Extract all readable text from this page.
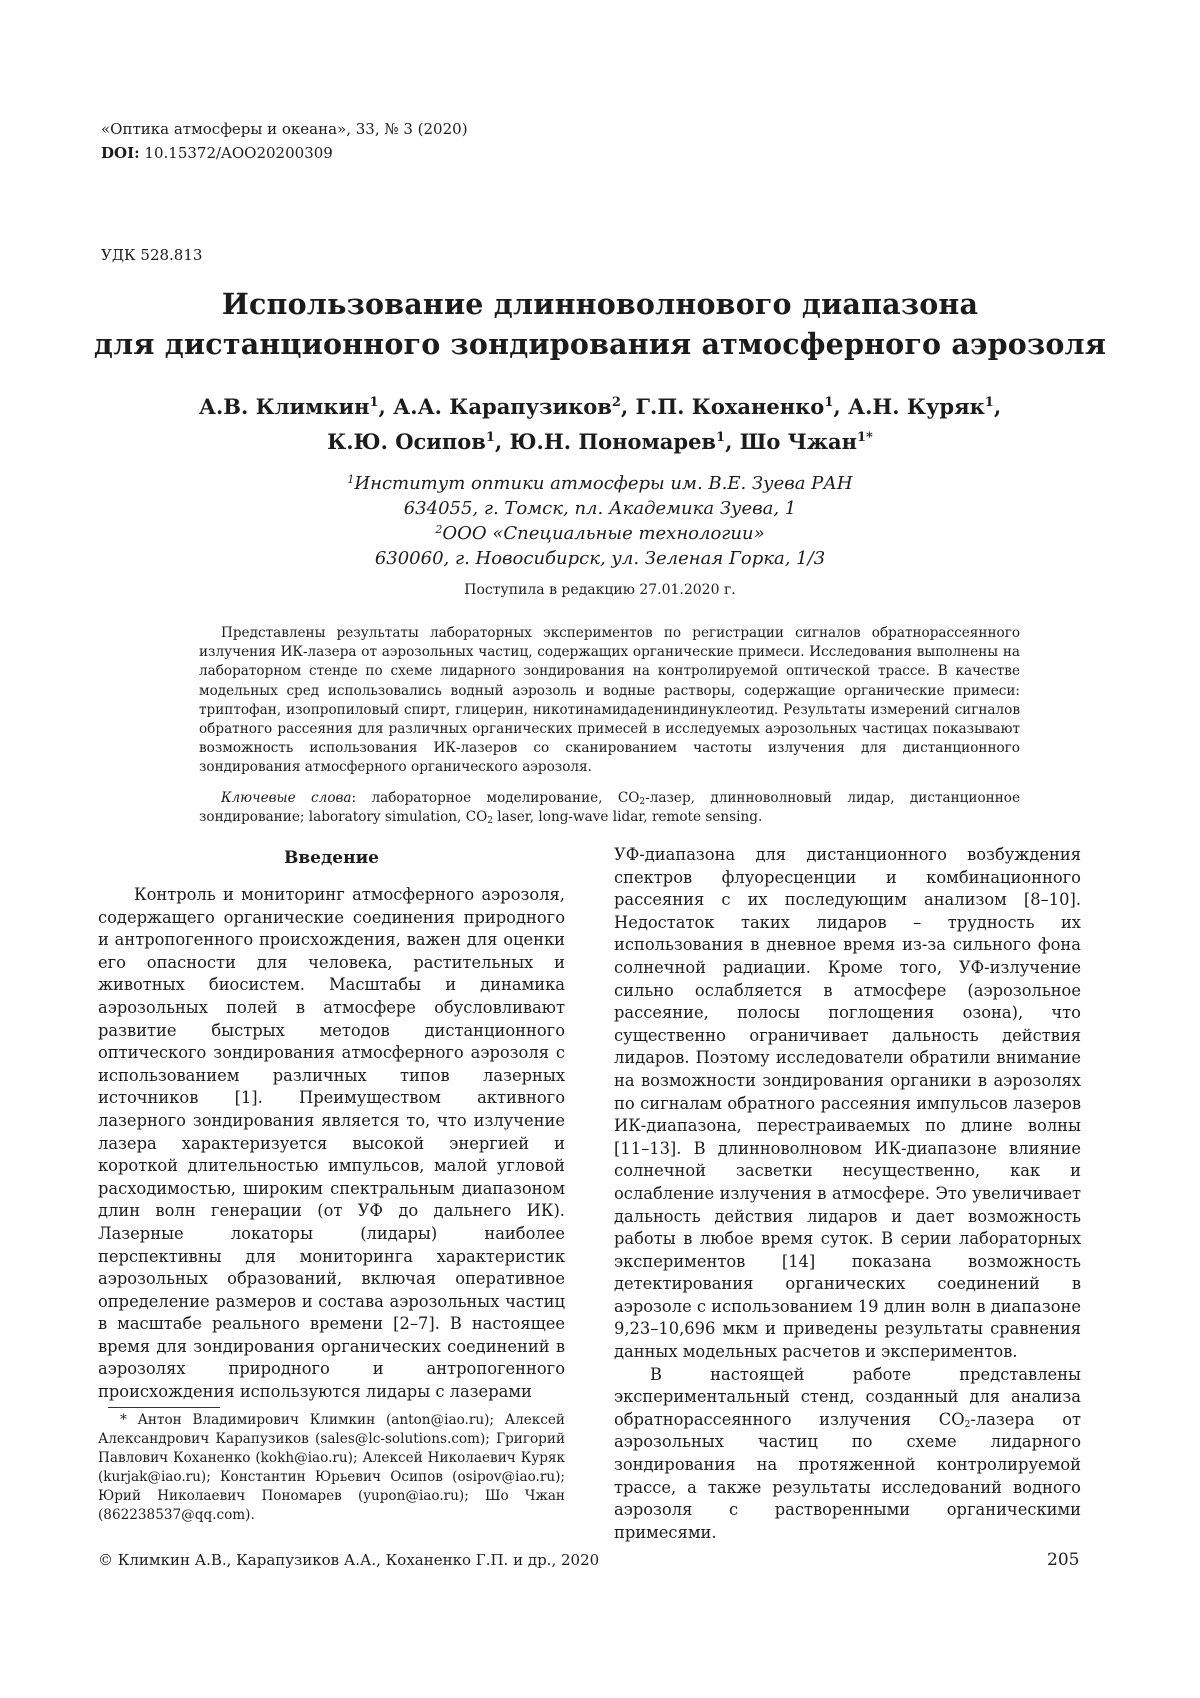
«Оптика атмосферы и океана», 33, № 3 (2020)
DOI: 10.15372/AOO20200309
УДК 528.813
Использование длинноволнового диапазона
для дистанционного зондирования атмосферного аэрозоля
А.В. Климкин$^1$, А.А. Карапузиков$^2$, Г.П. Коханенко$^1$, А.Н. Куряк$^1$,
К.Ю. Осипов$^1$, Ю.Н. Пономарев$^1$, Шо Чжан$^{1*}$
$^1$Институт оптики атмосферы им. В.Е. Зуева РАН
634055, г. Томск, пл. Академика Зуева, 1
$^2$ООО «Специальные технологии»
630060, г. Новосибирск, ул. Зеленая Горка, 1/3
Поступила в редакцию 27.01.2020 г.
Представлены результаты лабораторных экспериментов по регистрации сигналов обратнорассеянного излучения ИК-лазера от аэрозольных частиц, содержащих органические примеси. Исследования выполнены на лабораторном стенде по схеме лидарного зондирования на контролируемой оптической трассе. В качестве модельных сред использовались водный аэрозоль и водные растворы, содержащие органические примеси: триптофан, изопропиловый спирт, глицерин, никотинамидадениндинуклеотид. Результаты измерений сигналов обратного рассеяния для различных органических примесей в исследуемых аэрозольных частицах показывают возможность использования ИК-лазеров со сканированием частоты излучения для дистанционного зондирования атмосферного органического аэрозоля.
Ключевые слова: лабораторное моделирование, $СО_2$-лазер, длинноволновый лидар, дистанционное зондирование; laboratory simulation, $CO_2$ laser, long-wave lidar, remote sensing.
Введение

Контроль и мониторинг атмосферного аэрозоля, содержащего органические соединения природного и антропогенного происхождения, важен для оценки его опасности для человека, растительных и животных биосистем. Масштабы и динамика аэрозольных полей в атмосфере обусловливают развитие быстрых методов дистанционного оптического зондирования атмосферного аэрозоля с использованием различных типов лазерных источников [1]. Преимуществом активного лазерного зондирования является то, что излучение лазера характеризуется высокой энергией и короткой длительностью импульсов, малой угловой расходимостью, широким спектральным диапазоном длин волн генерации (от УФ до дальнего ИК). Лазерные локаторы (лидары) наиболее перспективны для мониторинга характеристик аэрозольных образований, включая оперативное определение размеров и состава аэрозольных частиц в масштабе реального времени [2–7]. В настоящее время для зондирования органических соединений в аэрозолях природного и антропогенного происхождения используются лидары с лазерами

УФ-диапазона для дистанционного возбуждения спектров флуоресценции и комбинационного рассеяния с их последующим анализом [8–10]. Недостаток таких лидаров – трудность их использования в дневное время из-за сильного фона солнечной радиации. Кроме того, УФ-излучение сильно ослабляется в атмосфере (аэрозольное рассеяние, полосы поглощения озона), что существенно ограничивает дальность действия лидаров. Поэтому исследователи обратили внимание на возможности зондирования органики в аэрозолях по сигналам обратного рассеяния импульсов лазеров ИК-диапазона, перестраиваемых по длине волны [11–13]. В длинноволновом ИК-диапазоне влияние солнечной засветки несущественно, как и ослабление излучения в атмосфере. Это увеличивает дальность действия лидаров и дает возможность работы в любое время суток. В серии лабораторных экспериментов [14] показана возможность детектирования органических соединений в аэрозоле с использованием 19 длин волн в диапазоне 9,23–10,696 мкм и приведены результаты сравнения данных модельных расчетов и экспериментов.

В настоящей работе представлены экспериментальный стенд, созданный для анализа обратнорассеянного излучения $СО_2$-лазера от аэрозольных частиц по схеме лидарного зондирования на протяженной контролируемой трассе, а также результаты исследований водного аэрозоля с растворенными органическими примесями.

* Антон Владимирович Климкин (anton@iao.ru); Алексей Александрович Карапузиков (sales@lc-solutions.com); Григорий Павлович Коханенко (kokh@iao.ru); Алексей Николаевич Куряк (kurjak@iao.ru); Константин Юрьевич Осипов (osipov@iao.ru); Юрий Николаевич Пономарев (yupon@iao.ru); Шо Чжан (862238537@qq.com).
© Климкин А.В., Карапузиков А.А., Коханенко Г.П. и др., 2020	205
